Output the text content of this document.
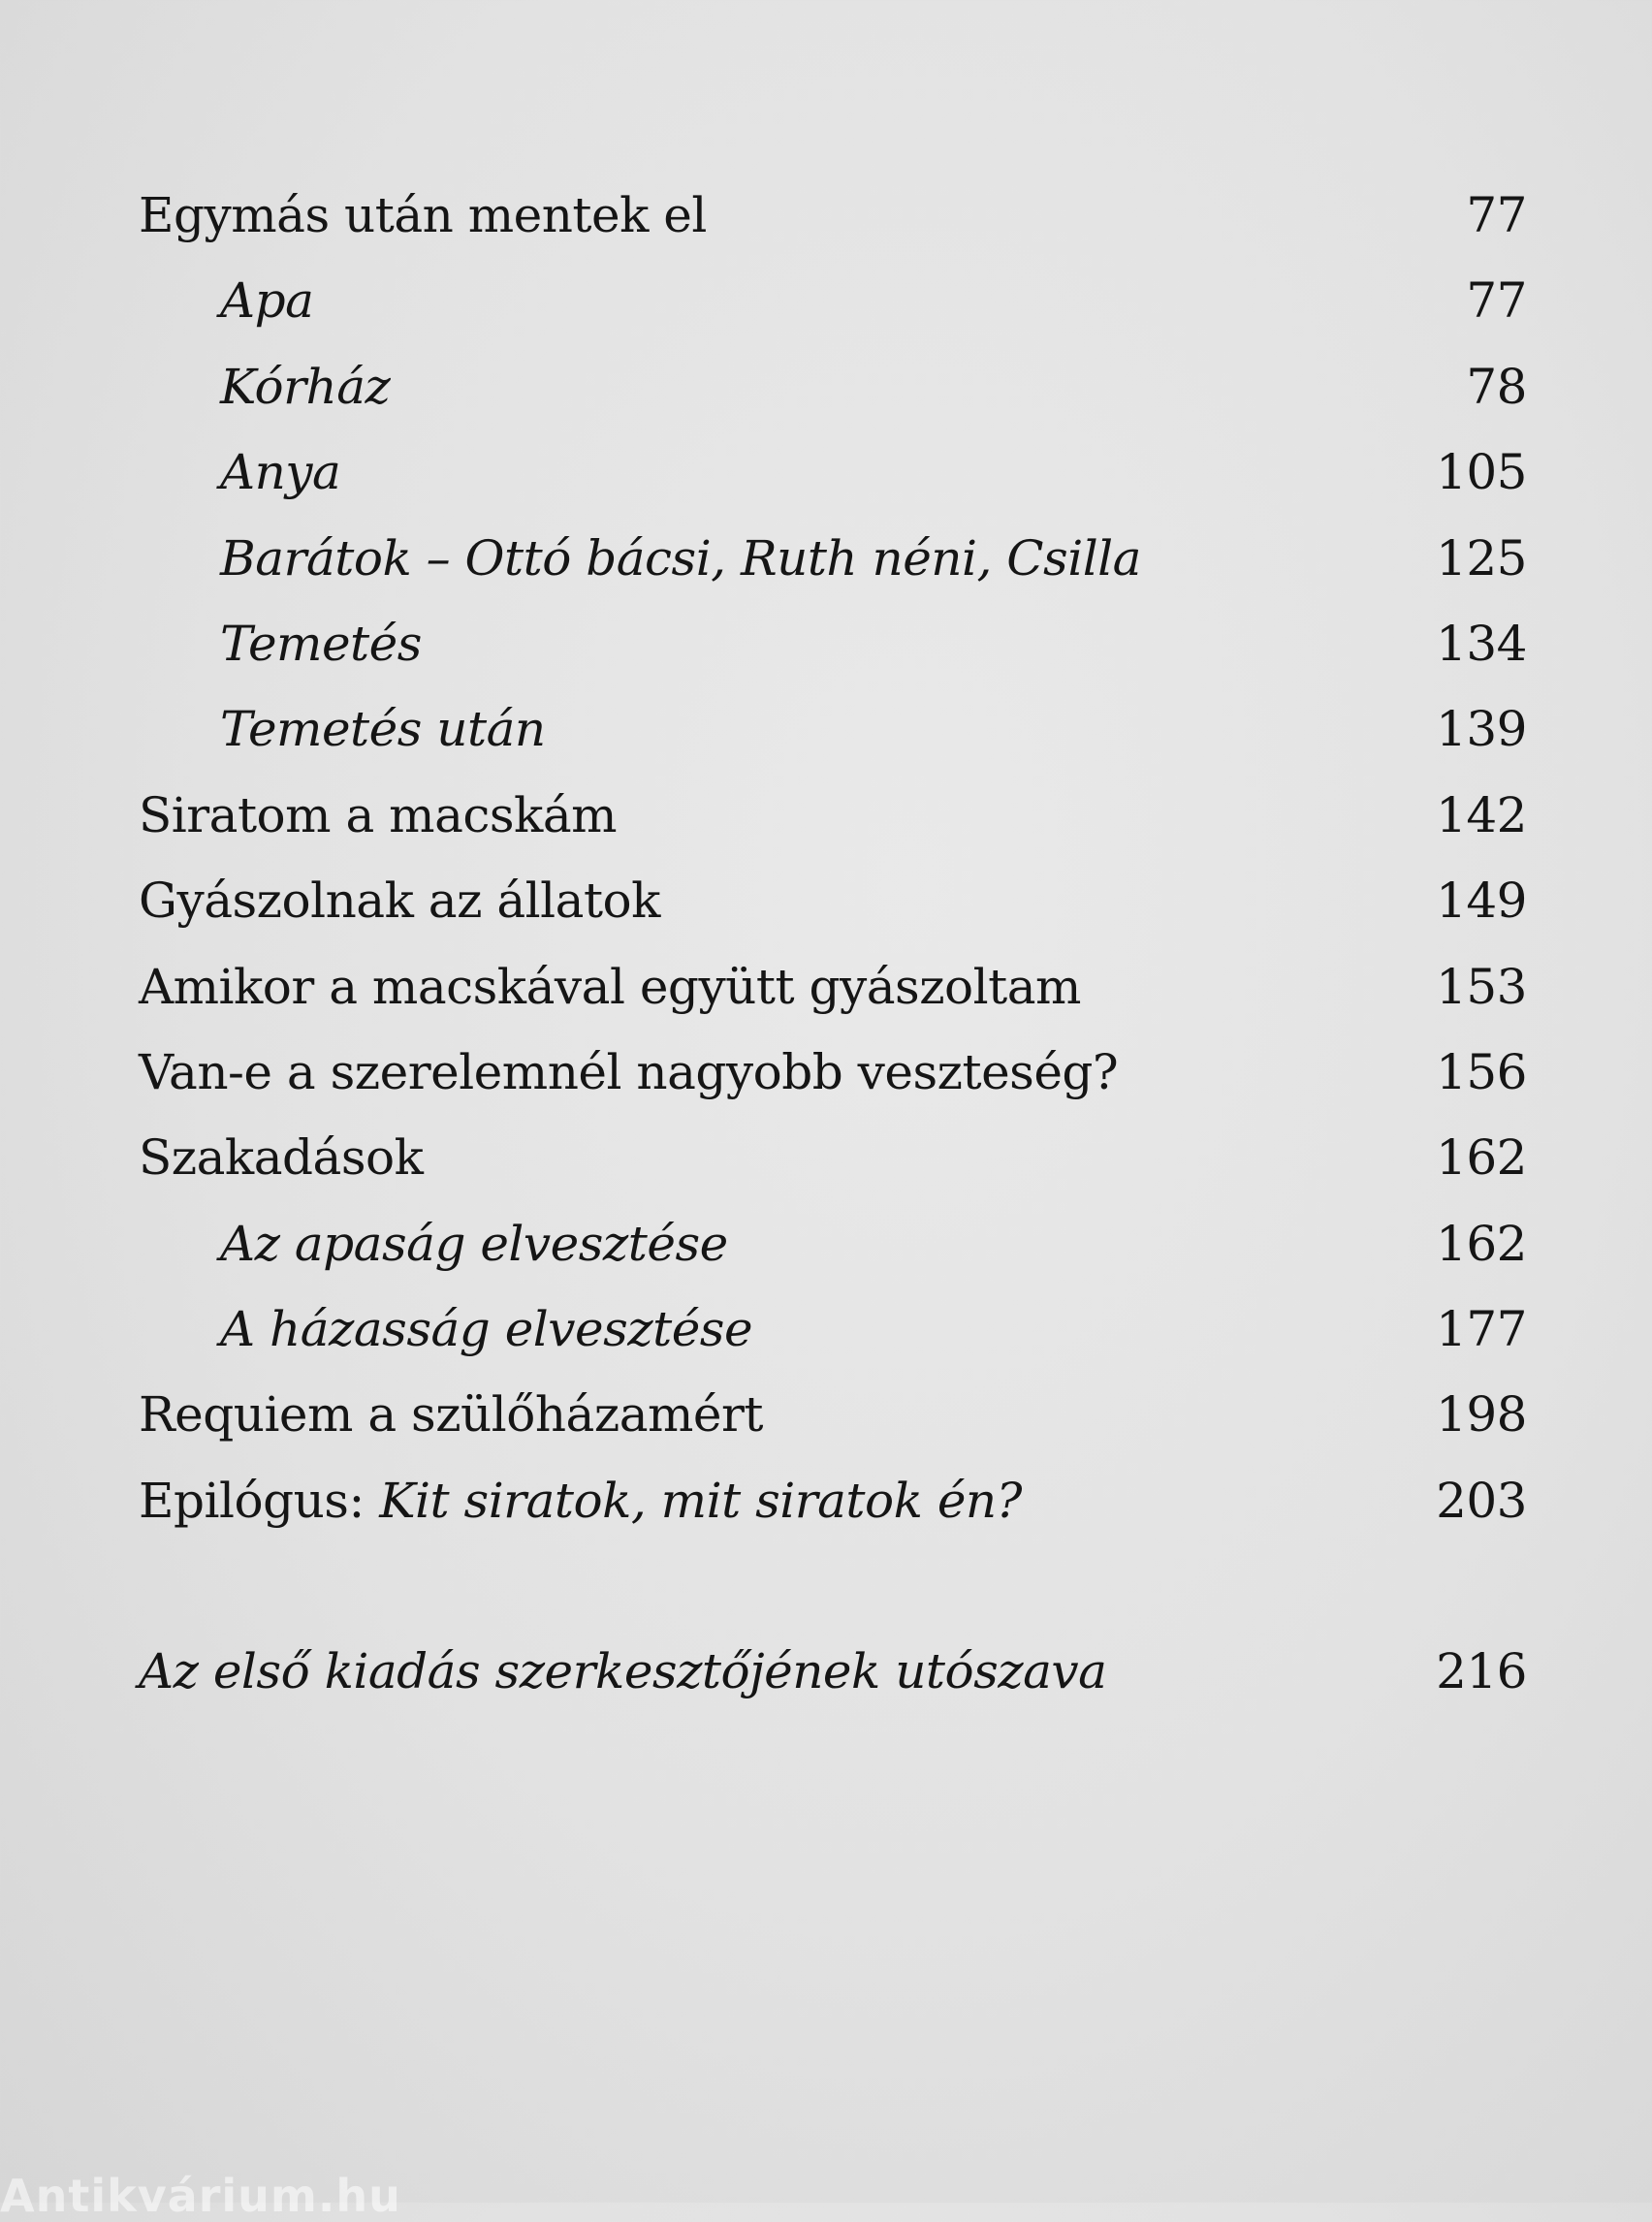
Egymás után mentek el	77
Apa	77
Kórház	78
Anya	105
Barátok – Ottó bácsi, Ruth néni, Csilla	125
Temetés	134
Temetés után	139
Siratom a macskám	142
Gyászolnak az állatok	149
Amikor a macskával együtt gyászoltam	153
Van-e a szerelemnél nagyobb veszteség?	156
Szakadások	162
Az apaság elvesztése	162
A házasság elvesztése	177
Requiem a szülőházamért	198
Epilógus: Kit siratok, mit siratok én?	203
Az első kiadás szerkesztőjének utószava	216
Antikvárium.hu
